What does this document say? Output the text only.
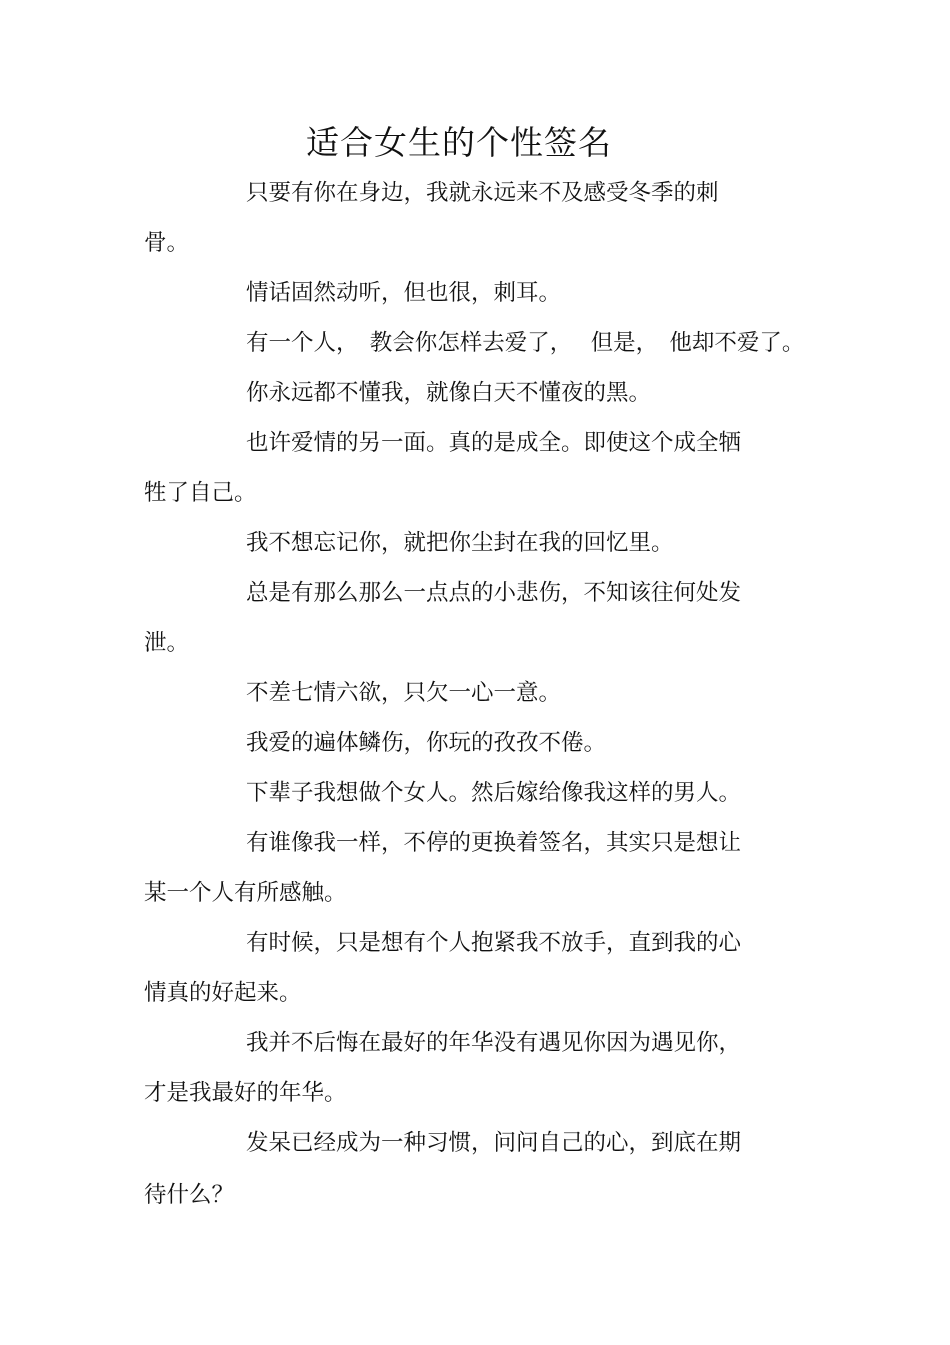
适合女生的个性签名

只要有你在身边，我就永远来不及感受冬季的刺

骨。

情话固然动听，但也很，刺耳。

有一个人，　教会你怎样去爱了，　 但是，　他却不爱了。

你永远都不懂我，就像白天不懂夜的黑。

也许爱情的另一面。真的是成全。即使这个成全牺

牲了自己。

我不想忘记你，就把你尘封在我的回忆里。

总是有那么那么一点点的小悲伤，不知该往何处发

泄。

不差七情六欲，只欠一心一意。

我爱的遍体鳞伤，你玩的孜孜不倦。

下辈子我想做个女人。然后嫁给像我这样的男人。

有谁像我一样，不停的更换着签名，其实只是想让

某一个人有所感触。

有时候，只是想有个人抱紧我不放手，直到我的心

情真的好起来。

我并不后悔在最好的年华没有遇见你因为遇见你，

才是我最好的年华。

发呆已经成为一种习惯，问问自己的心，到底在期

待什么？
